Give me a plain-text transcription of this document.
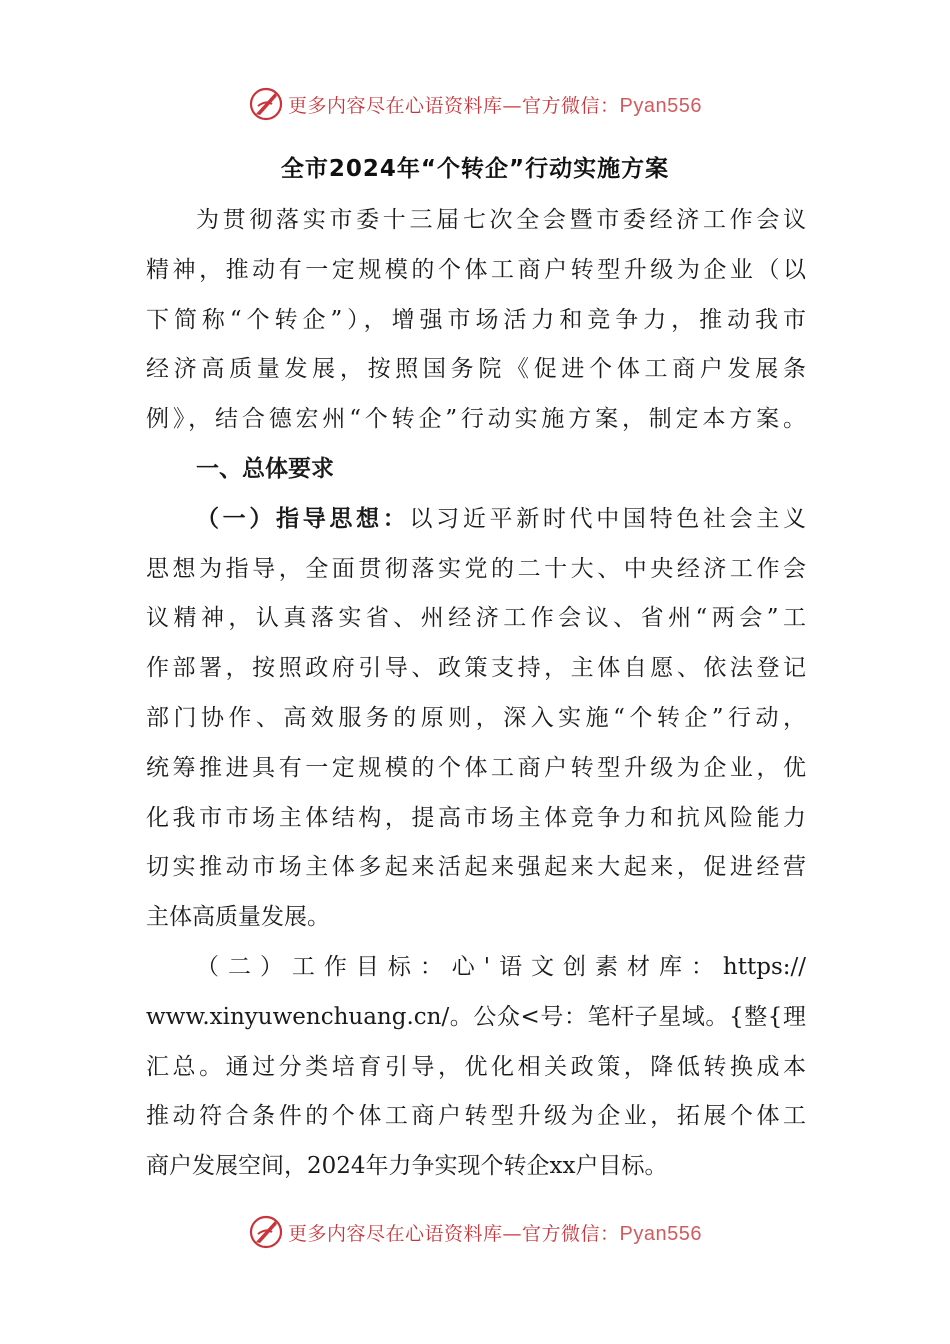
更多内容尽在心语资料库—官方微信：Pyan556
全市2024年“个转企”行动实施方案
为贯彻落实市委十三届七次全会暨市委经济工作会议
精神，推动有一定规模的个体工商户转型升级为企业（以
下简称“个转企”），增强市场活力和竞争力，推动我市
经济高质量发展，按照国务院《促进个体工商户发展条
例》，结合德宏州“个转企”行动实施方案，制定本方案。
一、总体要求
（一）指导思想：以习近平新时代中国特色社会主义
思想为指导，全面贯彻落实党的二十大、中央经济工作会
议精神，认真落实省、州经济工作会议、省州“两会”工
作部署，按照政府引导、政策支持，主体自愿、依法登记
部门协作、高效服务的原则，深入实施“个转企”行动，
统筹推进具有一定规模的个体工商户转型升级为企业，优
化我市市场主体结构，提高市场主体竞争力和抗风险能力
切实推动市场主体多起来活起来强起来大起来，促进经营
主体高质量发展。
（二）工作目标：心'语文创素材库：https://
www.xinyuwenchuang.cn/。公众<号：笔杆子星域。{整{理
汇总。通过分类培育引导，优化相关政策，降低转换成本
推动符合条件的个体工商户转型升级为企业，拓展个体工
商户发展空间，2024年力争实现个转企xx户目标。
更多内容尽在心语资料库—官方微信：Pyan556
